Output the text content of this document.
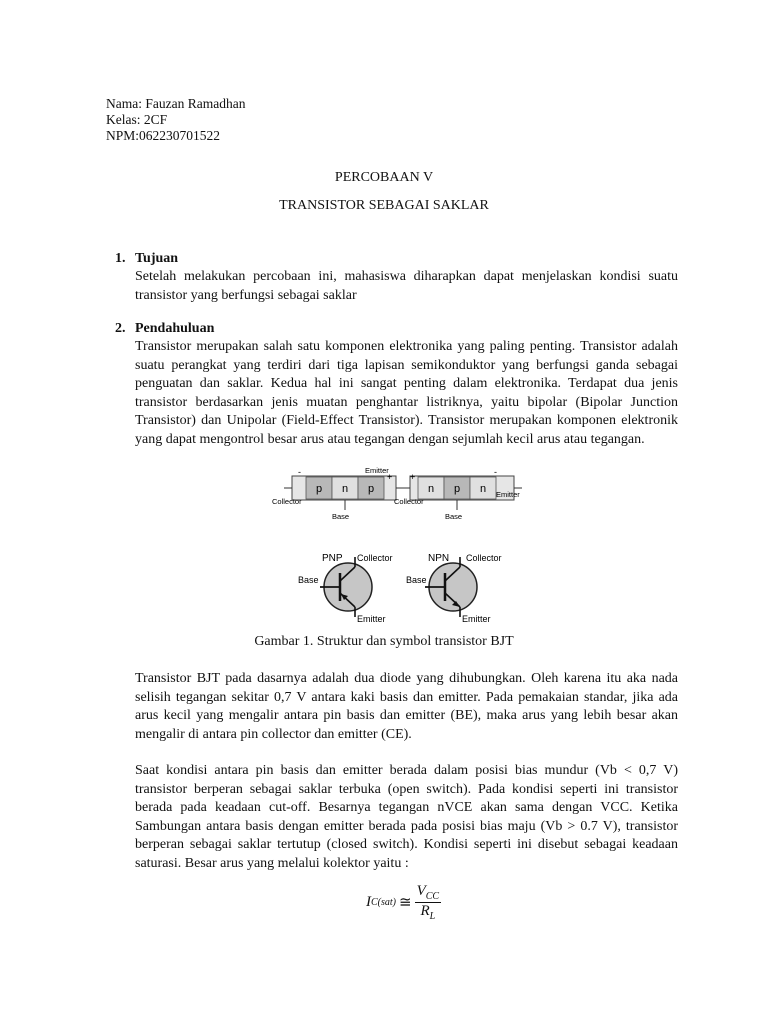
Nama: Fauzan Ramadhan
Kelas: 2CF
NPM:062230701522
PERCOBAAN V
TRANSISTOR SEBAGAI SAKLAR
1. Tujuan
Setelah melakukan percobaan ini, mahasiswa diharapkan dapat menjelaskan kondisi suatu transistor yang berfungsi sebagai saklar
2. Pendahuluan
Transistor merupakan salah satu komponen elektronika yang paling penting. Transistor adalah suatu perangkat yang terdiri dari tiga lapisan semikonduktor yang berfungsi ganda sebagai penguatan dan saklar. Kedua hal ini sangat penting dalam elektronika. Terdapat dua jenis transistor berdasarkan jenis muatan penghantar listriknya, yaitu bipolar (Bipolar Junction Transistor) dan Unipolar (Field-Effect Transistor). Transistor merupakan komponen elektronik yang dapat mengontrol besar arus atau tegangan dengan sejumlah kecil arus atau tegangan.
p n p
-	+
Collector
Base
Emitter
n p n
+	-
Collector
Base
Emitter
PNP Collector
Base
Emitter
NPN Collector
Base
Emitter
Gambar 1. Struktur dan symbol transistor BJT
Transistor BJT pada dasarnya adalah dua diode yang dihubungkan. Oleh karena itu aka nada selisih tegangan sekitar 0,7 V antara kaki basis dan emitter. Pada pemakaian standar, jika ada arus kecil yang mengalir antara pin basis dan emitter (BE), maka arus yang lebih besar akan mengalir di antara pin collector dan emitter (CE).
Saat kondisi antara pin basis dan emitter berada dalam posisi bias mundur (Vb < 0,7 V) transistor berperan sebagai saklar terbuka (open switch). Pada kondisi seperti ini transistor berada pada keadaan cut-off. Besarnya tegangan nVCE akan sama dengan VCC. Ketika Sambungan antara basis dengan emitter berada pada posisi bias maju (Vb > 0.7 V), transistor berperan sebagai saklar tertutup (closed switch). Kondisi seperti ini disebut sebagai keadaan saturasi. Besar arus yang melalui kolektor yaitu :
I C(sat) ≅
$V_{CC}$
$R_L$
